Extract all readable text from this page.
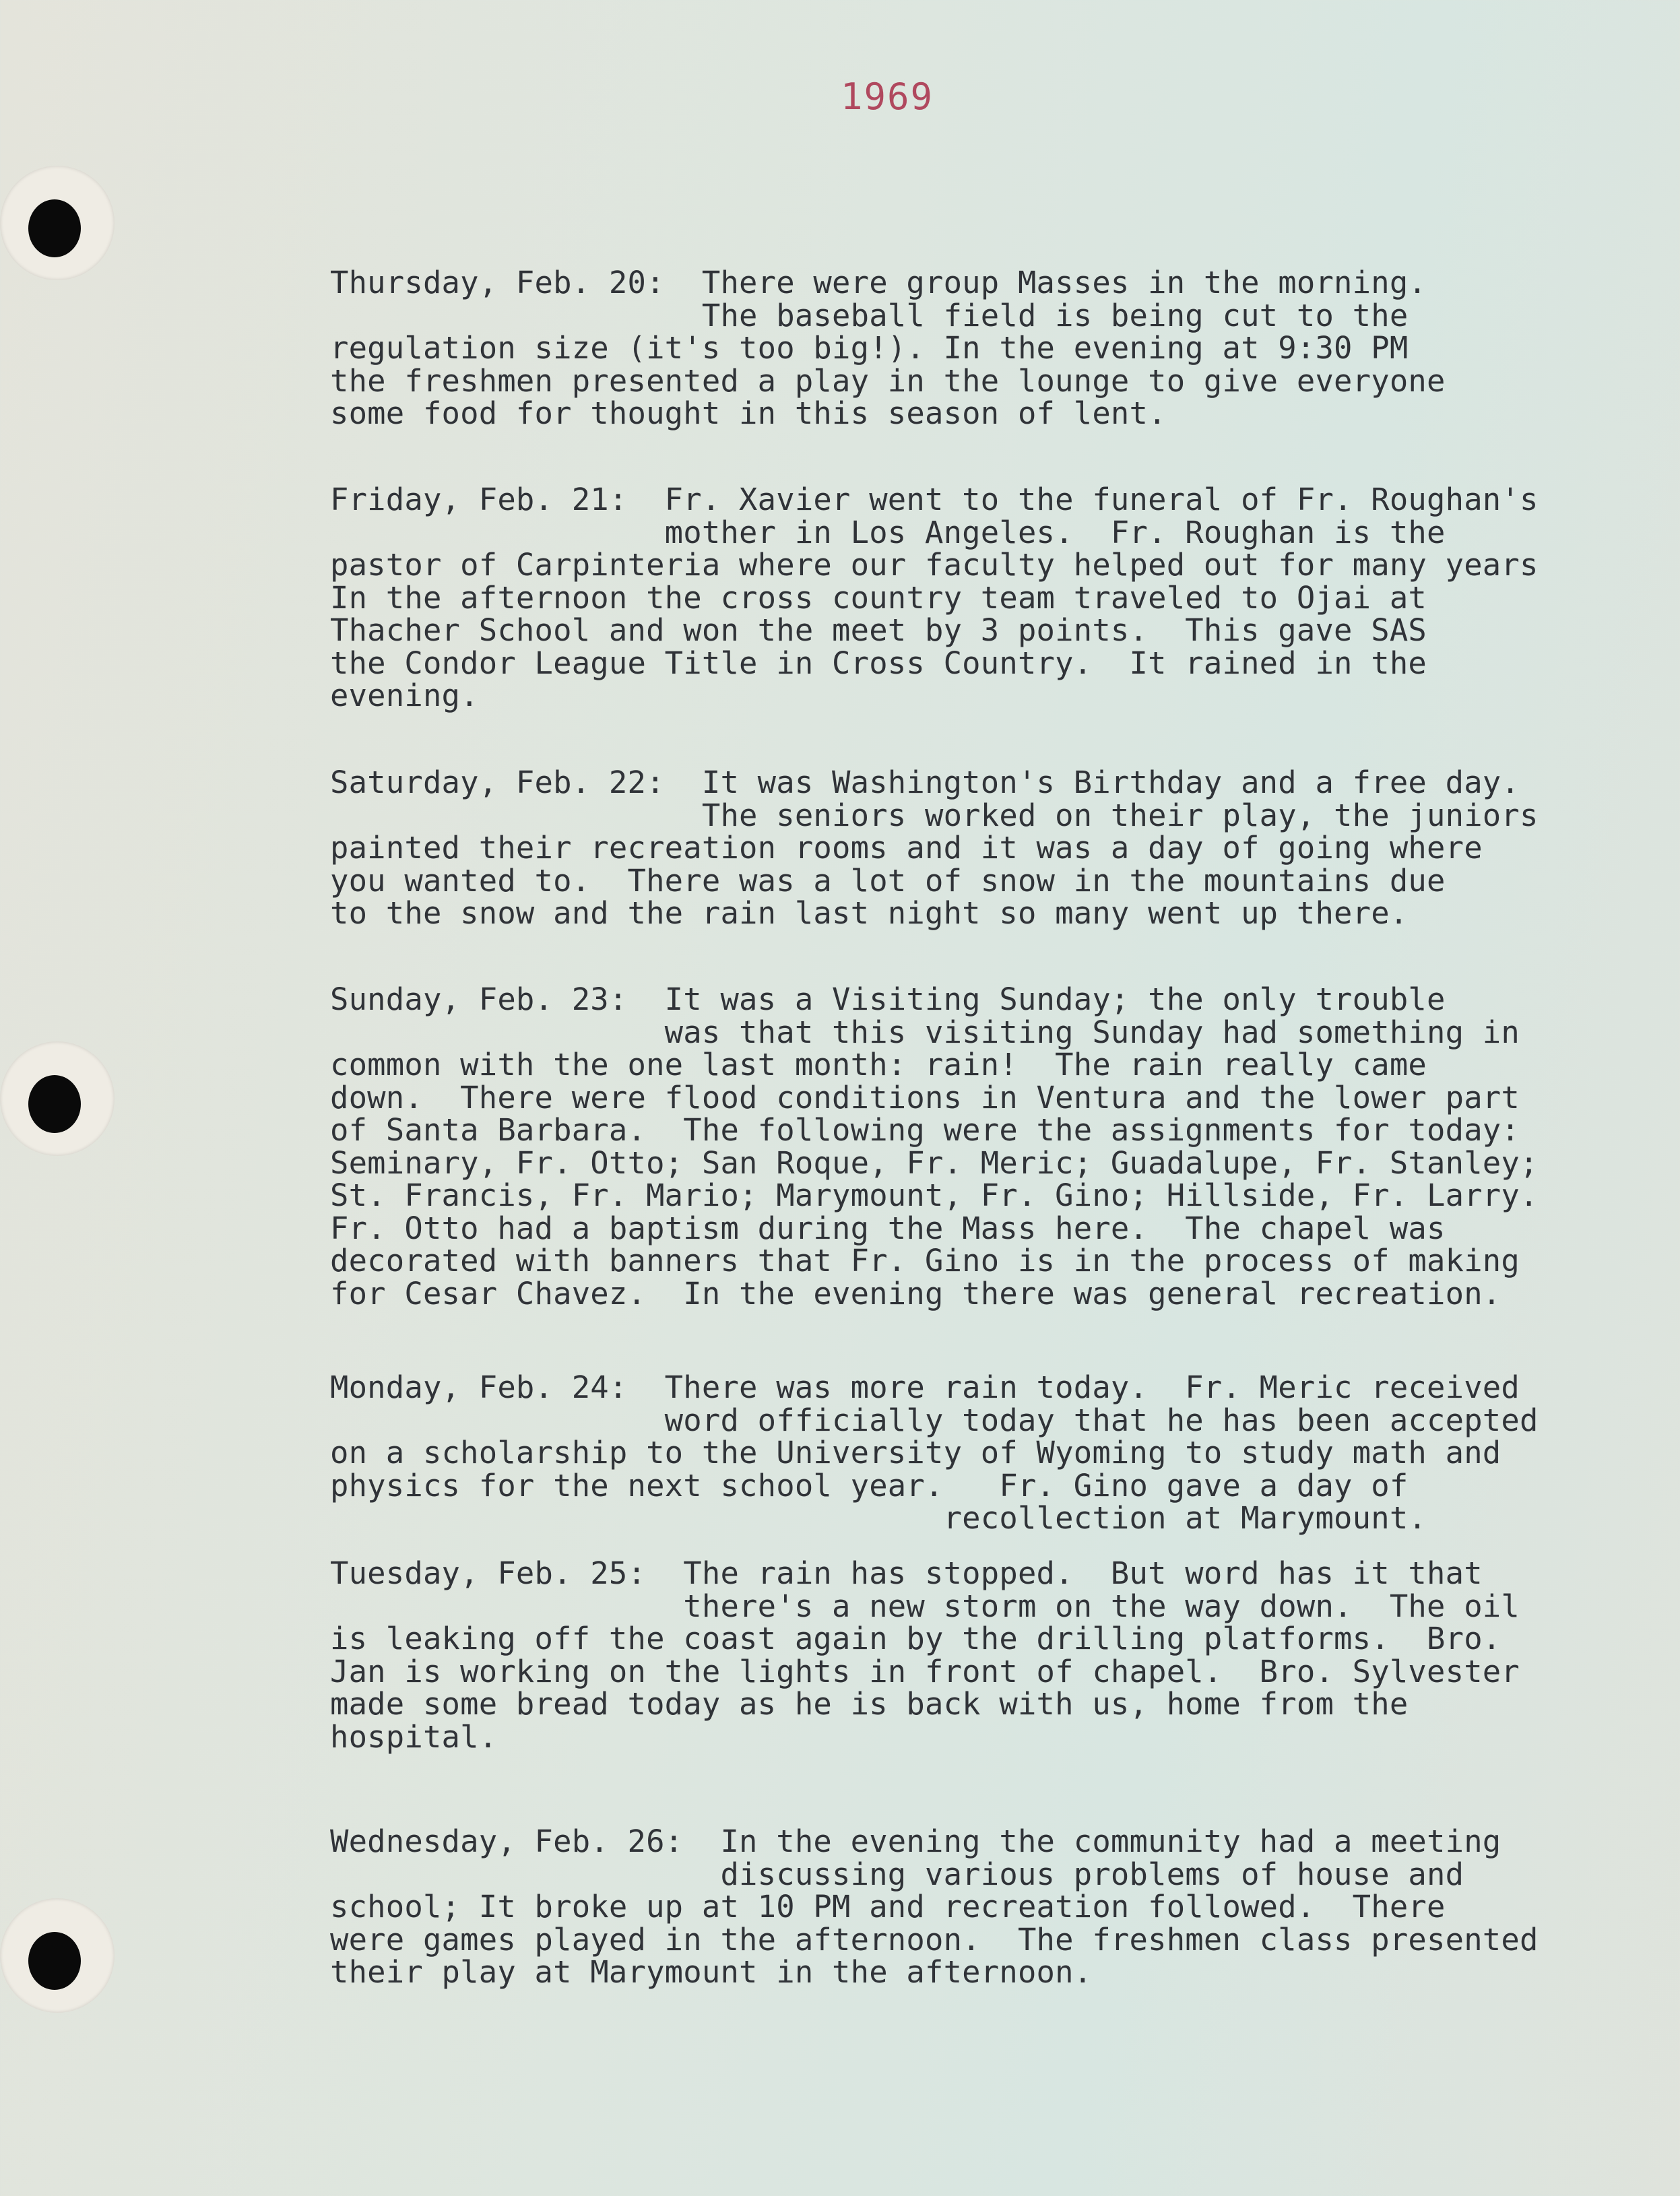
1969
Thursday, Feb. 20:  There were group Masses in the morning.
The baseball field is being cut to the
regulation size (it's too big!). In the evening at 9:30 PM
the freshmen presented a play in the lounge to give everyone
some food for thought in this season of lent.
Friday, Feb. 21:  Fr. Xavier went to the funeral of Fr. Roughan's
mother in Los Angeles.  Fr. Roughan is the
pastor of Carpinteria where our faculty helped out for many years
In the afternoon the cross country team traveled to Ojai at
Thacher School and won the meet by 3 points.  This gave SAS
the Condor League Title in Cross Country.  It rained in the
evening.
Saturday, Feb. 22:  It was Washington's Birthday and a free day.
The seniors worked on their play, the juniors
painted their recreation rooms and it was a day of going where
you wanted to.  There was a lot of snow in the mountains due
to the snow and the rain last night so many went up there.
Sunday, Feb. 23:  It was a Visiting Sunday; the only trouble
was that this visiting Sunday had something in
common with the one last month: rain!  The rain really came
down.  There were flood conditions in Ventura and the lower part
of Santa Barbara.  The following were the assignments for today:
Seminary, Fr. Otto; San Roque, Fr. Meric; Guadalupe, Fr. Stanley;
St. Francis, Fr. Mario; Marymount, Fr. Gino; Hillside, Fr. Larry.
Fr. Otto had a baptism during the Mass here.  The chapel was
decorated with banners that Fr. Gino is in the process of making
for Cesar Chavez.  In the evening there was general recreation.
Monday, Feb. 24:  There was more rain today.  Fr. Meric received
word officially today that he has been accepted
on a scholarship to the University of Wyoming to study math and
physics for the next school year.   Fr. Gino gave a day of
recollection at Marymount.
Tuesday, Feb. 25:  The rain has stopped.  But word has it that
there's a new storm on the way down.  The oil
is leaking off the coast again by the drilling platforms.  Bro.
Jan is working on the lights in front of chapel.  Bro. Sylvester
made some bread today as he is back with us, home from the
hospital.
Wednesday, Feb. 26:  In the evening the community had a meeting
discussing various problems of house and
school; It broke up at 10 PM and recreation followed.  There
were games played in the afternoon.  The freshmen class presented
their play at Marymount in the afternoon.
